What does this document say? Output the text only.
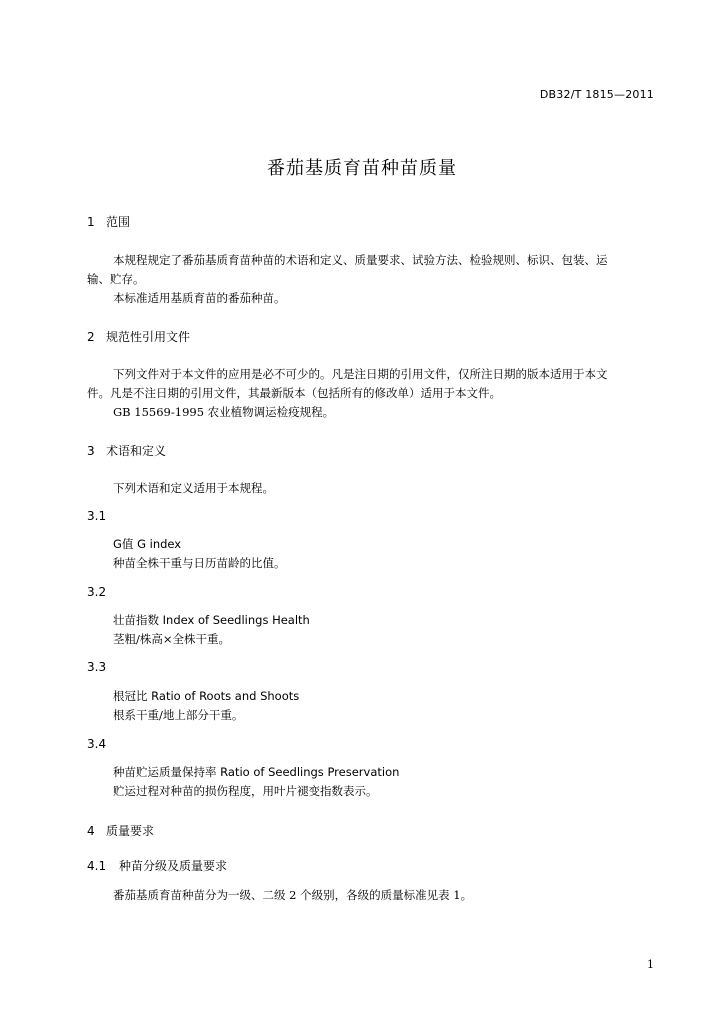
DB32/T 1815—2011
番茄基质育苗种苗质量
1 范围
本规程规定了番茄基质育苗种苗的术语和定义、质量要求、试验方法、检验规则、标识、包装、运
输、贮存。
本标准适用基质育苗的番茄种苗。
2 规范性引用文件
下列文件对于本文件的应用是必不可少的。凡是注日期的引用文件，仅所注日期的版本适用于本文
件。凡是不注日期的引用文件，其最新版本（包括所有的修改单）适用于本文件。
GB 15569-1995 农业植物调运检疫规程。
3 术语和定义
下列术语和定义适用于本规程。
3.1
G值 G index
种苗全株干重与日历苗龄的比值。
3.2
壮苗指数 Index of Seedlings Health
茎粗/株高×全株干重。
3.3
根冠比 Ratio of Roots and Shoots
根系干重/地上部分干重。
3.4
种苗贮运质量保持率 Ratio of Seedlings Preservation
贮运过程对种苗的损伤程度，用叶片褪变指数表示。
4 质量要求
4.1 种苗分级及质量要求
番茄基质育苗种苗分为一级、二级 2 个级别，各级的质量标准见表 1。
1
